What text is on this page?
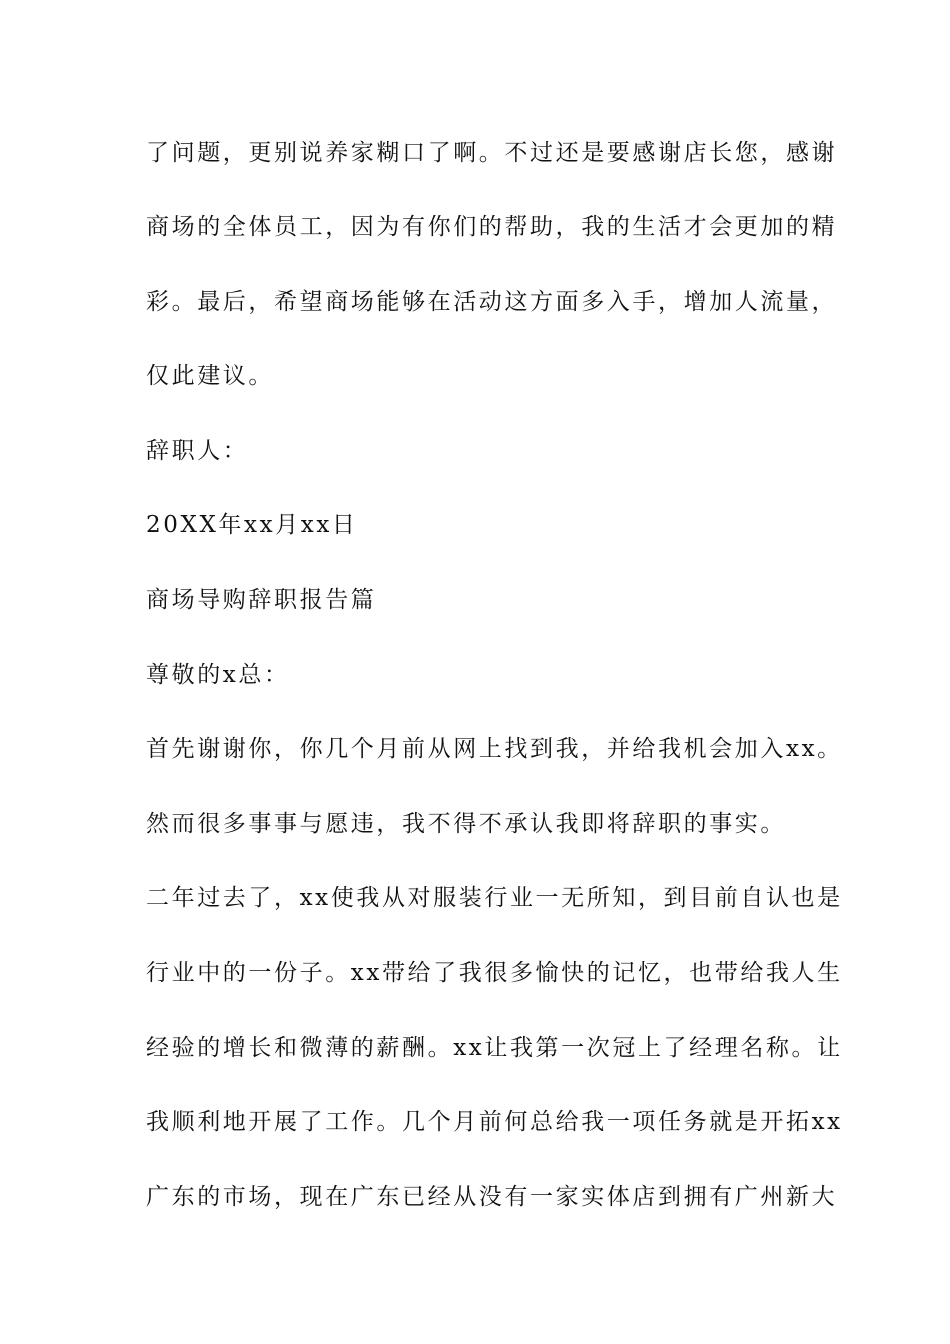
了问题，更别说养家糊口了啊。不过还是要感谢店长您，感谢
商场的全体员工，因为有你们的帮助，我的生活才会更加的精
彩。最后，希望商场能够在活动这方面多入手，增加人流量，
仅此建议。
辞职人：
20XX年xx月xx日
商场导购辞职报告篇
尊敬的x总：
首先谢谢你，你几个月前从网上找到我，并给我机会加入xx。
然而很多事事与愿违，我不得不承认我即将辞职的事实。
二年过去了，xx使我从对服装行业一无所知，到目前自认也是
行业中的一份子。xx带给了我很多愉快的记忆，也带给我人生
经验的增长和微薄的薪酬。xx让我第一次冠上了经理名称。让
我顺利地开展了工作。几个月前何总给我一项任务就是开拓xx
广东的市场，现在广东已经从没有一家实体店到拥有广州新大
